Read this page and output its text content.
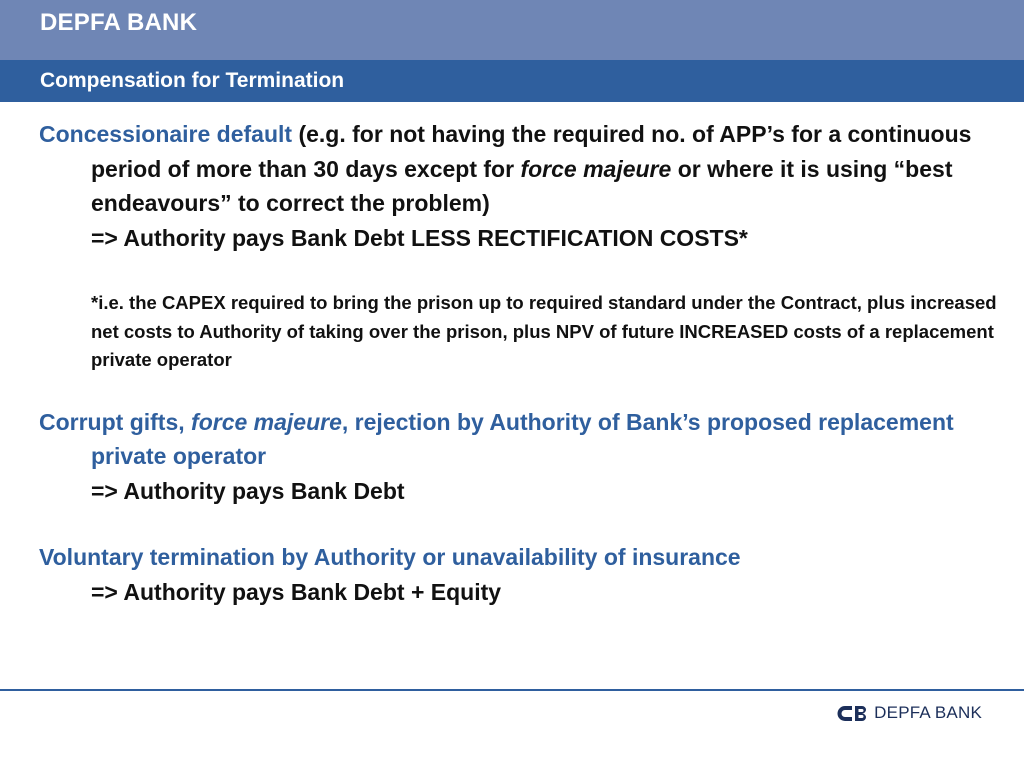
DEPFA BANK
Compensation for Termination
Concessionaire default (e.g. for not having the required no. of APP’s for a continuous period of more than 30 days except for force majeure or where it is using “best endeavours” to correct the problem)
=> Authority pays Bank Debt LESS RECTIFICATION COSTS*
*i.e. the CAPEX required to bring the prison up to required standard under the Contract, plus increased net costs to Authority of taking over the prison, plus NPV of future INCREASED costs of a replacement private operator
Corrupt gifts, force majeure, rejection by Authority of Bank’s proposed replacement private operator
=> Authority pays Bank Debt
Voluntary termination by Authority or unavailability of insurance
=> Authority pays Bank Debt + Equity
DEPFA BANK
